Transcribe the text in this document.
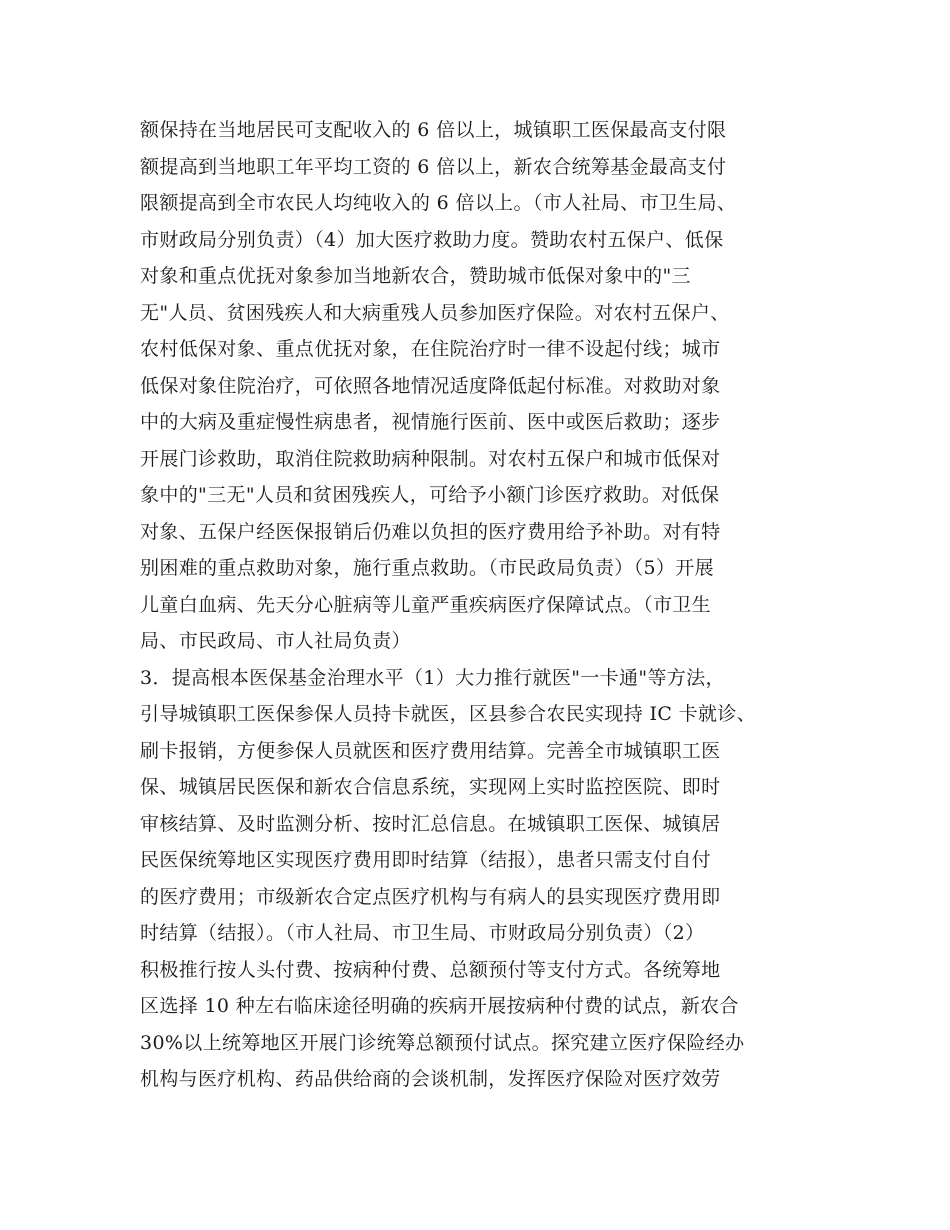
额保持在当地居民可支配收入的 6 倍以上，城镇职工医保最高支付限
额提高到当地职工年平均工资的 6 倍以上，新农合统筹基金最高支付
限额提高到全市农民人均纯收入的 6 倍以上。（市人社局、市卫生局、
市财政局分别负责）（4）加大医疗救助力度。赞助农村五保户、低保
对象和重点优抚对象参加当地新农合，赞助城市低保对象中的"三
无"人员、贫困残疾人和大病重残人员参加医疗保险。对农村五保户、
农村低保对象、重点优抚对象，在住院治疗时一律不设起付线；城市
低保对象住院治疗，可依照各地情况适度降低起付标准。对救助对象
中的大病及重症慢性病患者，视情施行医前、医中或医后救助；逐步
开展门诊救助，取消住院救助病种限制。对农村五保户和城市低保对
象中的"三无"人员和贫困残疾人，可给予小额门诊医疗救助。对低保
对象、五保户经医保报销后仍难以负担的医疗费用给予补助。对有特
别困难的重点救助对象，施行重点救助。（市民政局负责）（5）开展
儿童白血病、先天分心脏病等儿童严重疾病医疗保障试点。（市卫生
局、市民政局、市人社局负责）
3．提高根本医保基金治理水平（1）大力推行就医"一卡通"等方法，
引导城镇职工医保参保人员持卡就医，区县参合农民实现持 IC 卡就诊、
刷卡报销，方便参保人员就医和医疗费用结算。完善全市城镇职工医
保、城镇居民医保和新农合信息系统，实现网上实时监控医院、即时
审核结算、及时监测分析、按时汇总信息。在城镇职工医保、城镇居
民医保统筹地区实现医疗费用即时结算（结报），患者只需支付自付
的医疗费用；市级新农合定点医疗机构与有病人的县实现医疗费用即
时结算（结报）。（市人社局、市卫生局、市财政局分别负责）（2）
积极推行按人头付费、按病种付费、总额预付等支付方式。各统筹地
区选择 10 种左右临床途径明确的疾病开展按病种付费的试点，新农合
30%以上统筹地区开展门诊统筹总额预付试点。探究建立医疗保险经办
机构与医疗机构、药品供给商的会谈机制，发挥医疗保险对医疗效劳
